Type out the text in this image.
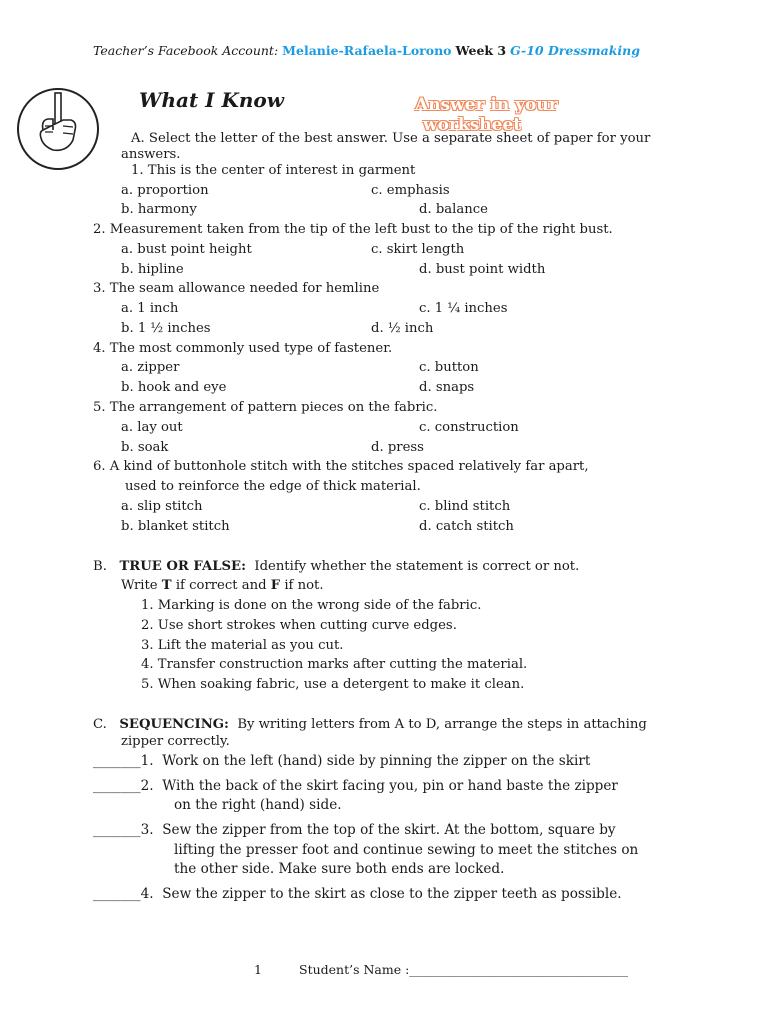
Teacher’s Facebook Account: Melanie-Rafaela-Lorono Week 3 G-10 Dressmaking
What I Know	Answer in your
worksheet
A. Select the letter of the best answer. Use a separate sheet of paper for your
answers.
1. This is the center of interest in garment
a. proportion	c. emphasis
b. harmony	d. balance
2. Measurement taken from the tip of the left bust to the tip of the right bust.
a. bust point height	c. skirt length
b. hipline	d. bust point width
3. The seam allowance needed for hemline
a. 1 inch	c. 1 ¼ inches
b. 1 ½ inches	d. ½ inch
4. The most commonly used type of fastener.
a. zipper	c. button
b. hook and eye	d. snaps
5. The arrangement of pattern pieces on the fabric.
a. lay out	c. construction
b. soak	d. press
6. A kind of buttonhole stitch with the stitches spaced relatively far apart,
used to reinforce the edge of thick material.
a. slip stitch	c. blind stitch
b. blanket stitch	d. catch stitch
B. TRUE OR FALSE: Identify whether the statement is correct or not.
Write T if correct and F if not.
1. Marking is done on the wrong side of the fabric.
2. Use short strokes when cutting curve edges.
3. Lift the material as you cut.
4. Transfer construction marks after cutting the material.
5. When soaking fabric, use a detergent to make it clean.
C. SEQUENCING: By writing letters from A to D, arrange the steps in attaching
zipper correctly.
_______1. Work on the left (hand) side by pinning the zipper on the skirt
_______2. With the back of the skirt facing you, pin or hand baste the zipper
on the right (hand) side.
_______3. Sew the zipper from the top of the skirt. At the bottom, square by
lifting the presser foot and continue sewing to meet the stitches on
the other side. Make sure both ends are locked.
_______4. Sew the zipper to the skirt as close to the zipper teeth as possible.
1	Student’s Name :___________________________________
